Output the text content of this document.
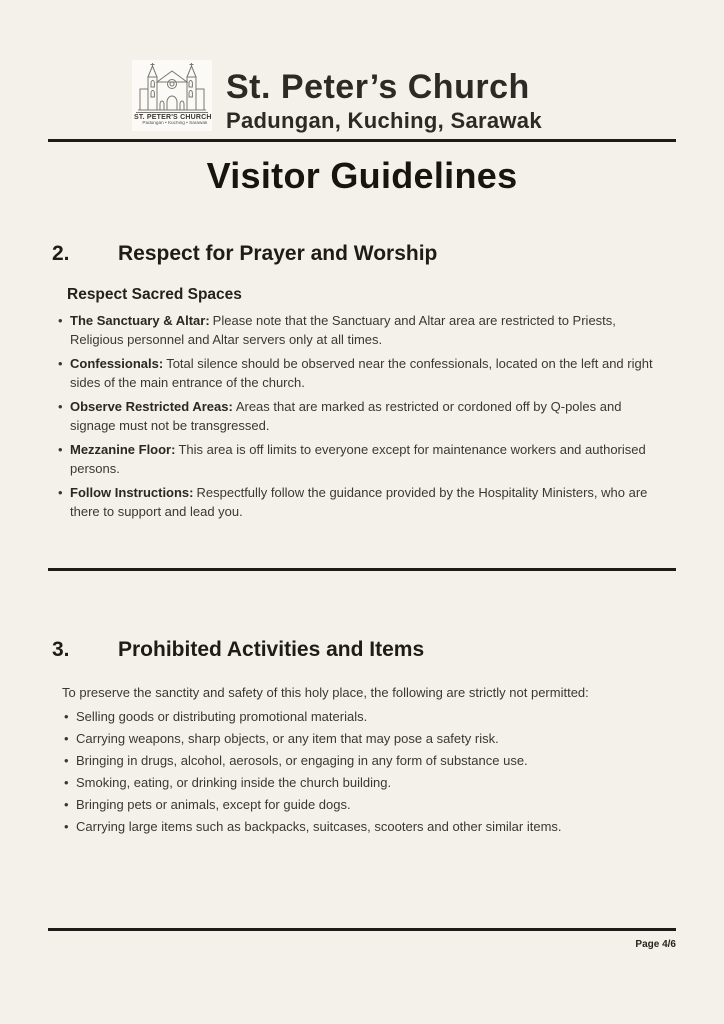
ST. PETER'S CHURCH
Padungan • Kuching • Sarawak
St. Peter’s Church
Padungan, Kuching, Sarawak
Visitor Guidelines
2.	Respect for Prayer and Worship
Respect Sacred Spaces
• The Sanctuary & Altar: Please note that the Sanctuary and Altar area are restricted to Priests, Religious personnel and Altar servers only at all times.
• Confessionals: Total silence should be observed near the confessionals, located on the left and right sides of the main entrance of the church.
• Observe Restricted Areas: Areas that are marked as restricted or cordoned off by Q-poles and signage must not be transgressed.
• Mezzanine Floor: This area is off limits to everyone except for maintenance workers and authorised persons.
• Follow Instructions: Respectfully follow the guidance provided by the Hospitality Ministers, who are there to support and lead you.
3.	Prohibited Activities and Items

To preserve the sanctity and safety of this holy place, the following are strictly not permitted:

• Selling goods or distributing promotional materials.
• Carrying weapons, sharp objects, or any item that may pose a safety risk.
• Bringing in drugs, alcohol, aerosols, or engaging in any form of substance use.
• Smoking, eating, or drinking inside the church building.
• Bringing pets or animals, except for guide dogs.
• Carrying large items such as backpacks, suitcases, scooters and other similar items.
Page 4/6
